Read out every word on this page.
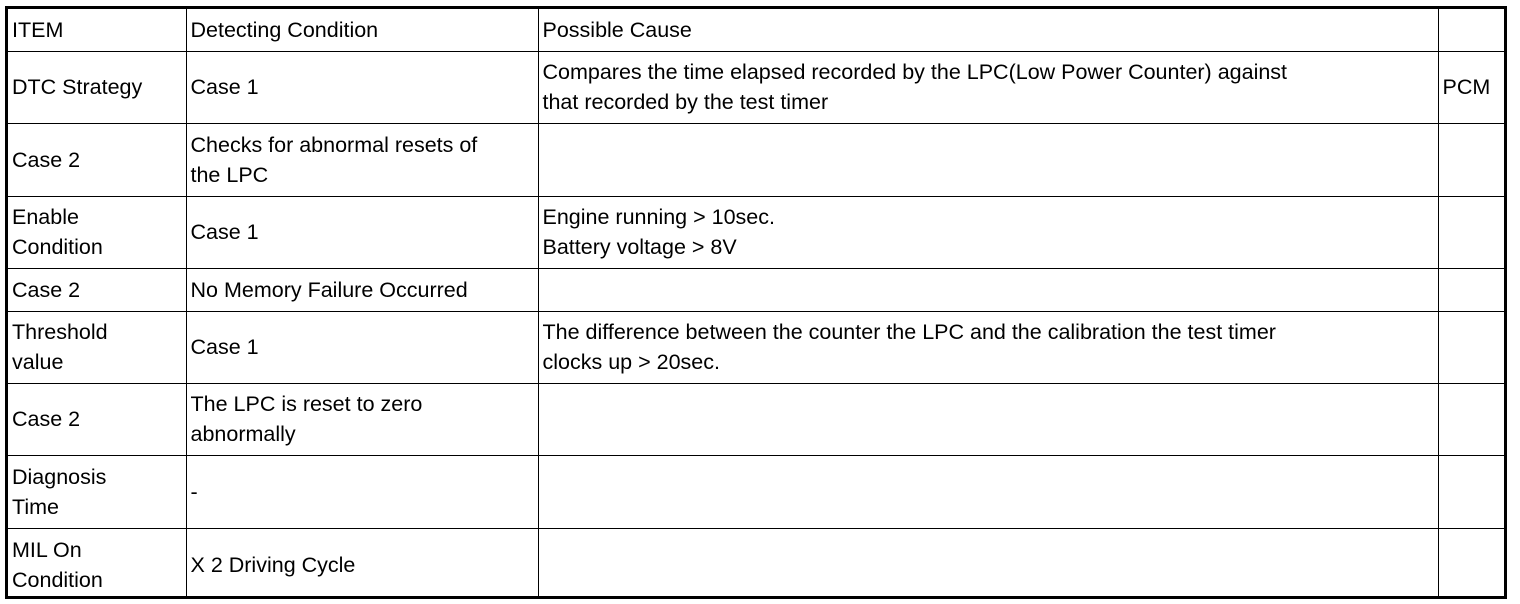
ITEM	Detecting Condition	Possible Cause	

DTC Strategy	Case 1	Compares the time elapsed recorded by the LPC(Low Power Counter) against
that recorded by the test timer	PCM

Case 2	Checks for abnormal resets of
the LPC		

Enable
Condition	Case 1	Engine running > 10sec.
Battery voltage > 8V	

Case 2	No Memory Failure Occurred		

Threshold
value	Case 1	The difference between the counter the LPC and the calibration the test timer
clocks up > 20sec.	

Case 2	The LPC is reset to zero
abnormally		

Diagnosis
Time	-		

MIL On
Condition	X 2 Driving Cycle		
